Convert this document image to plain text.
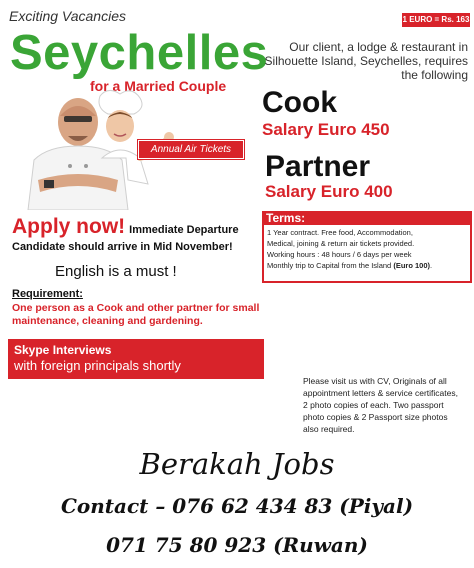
Exciting Vacancies	1 EURO = Rs. 163
Seychelles
for a Married Couple
Our client, a lodge & restaurant in Silhouette Island, Seychelles, requires the following
Annual Air Tickets
Cook
Salary Euro 450
Partner
Salary Euro 400
Terms:
1 Year contract. Free food, Accommodation,
Medical, joining & return air tickets provided.
Working hours : 48 hours / 6 days per week
Monthly trip to Capital from the Island (Euro 100).
Apply now! Immediate Departure
Candidate should arrive in Mid November!
English is a must !
Requirement:
One person as a Cook and other partner for small maintenance, cleaning and gardening.
Skype Interviews
with foreign principals shortly
Please visit us with CV, Originals of all appointment letters & service certificates, 2 photo copies of each. Two passport photo copies & 2 Passport size photos also required.
Berakah Jobs
Contact – 076 62 434 83 (Piyal)
071 75 80 923 (Ruwan)
